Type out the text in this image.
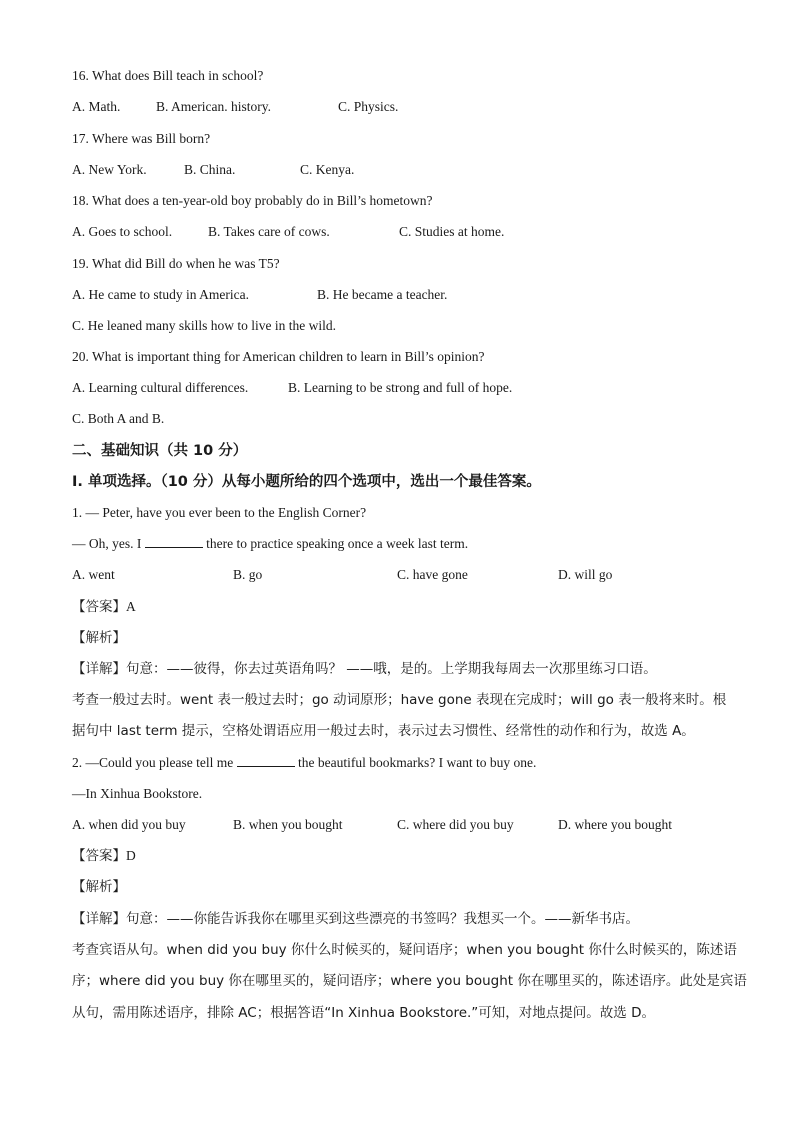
16. What does Bill teach in school?
A. Math.	B. American. history.	C. Physics.
17. Where was Bill born?
A. New York.	B. China.	C. Kenya.
18. What does a ten-year-old boy probably do in Bill’s hometown?
A. Goes to school.	B. Takes care of cows.	C. Studies at home.
19. What did Bill do when he was T5?
A. He came to study in America.	B. He became a teacher.
C. He leaned many skills how to live in the wild.
20. What is important thing for American children to learn in Bill’s opinion?
A. Learning cultural differences.	B. Learning to be strong and full of hope.
C. Both A and B.
二、基础知识（共 10 分）
I. 单项选择。（10 分）从每小题所给的四个选项中，选出一个最佳答案。
1. — Peter, have you ever been to the English Corner?
— Oh, yes. I	there to practice speaking once a week last term.
A. went	B. go	C. have gone	D. will go
【答案】A
【解析】
【详解】句意：——彼得，你去过英语角吗？ ——哦，是的。上学期我每周去一次那里练习口语。
考查一般过去时。went 表一般过去时；go 动词原形；have gone 表现在完成时；will go 表一般将来时。根
据句中 last term 提示，空格处谓语应用一般过去时，表示过去习惯性、经常性的动作和行为，故选 A。
2. —Could you please tell me	the beautiful bookmarks? I want to buy one.
—In Xinhua Bookstore.
A. when did you buy	B. when you bought	C. where did you buy	D. where you bought
【答案】D
【解析】
【详解】句意：——你能告诉我你在哪里买到这些漂亮的书签吗？我想买一个。——新华书店。
考查宾语从句。when did you buy 你什么时候买的，疑问语序；when you bought 你什么时候买的，陈述语
序；where did you buy 你在哪里买的，疑问语序；where you bought 你在哪里买的，陈述语序。此处是宾语
从句，需用陈述语序，排除 AC；根据答语“In Xinhua Bookstore.”可知，对地点提问。故选 D。
